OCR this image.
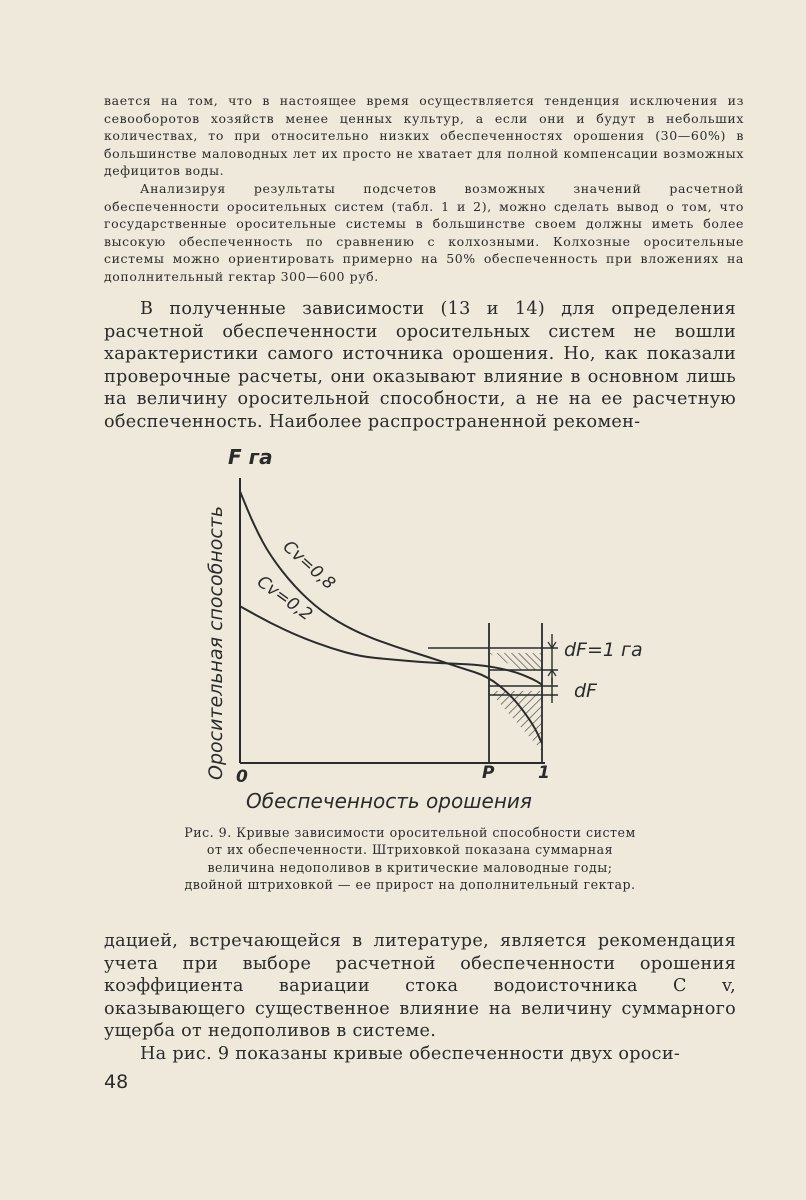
вается на том, что в настоящее время осуществляется тенденция исключения из севооборотов хозяйств менее ценных культур, а если они и будут в небольших количествах, то при относительно низких обеспеченностях орошения (30—60%) в большинстве маловодных лет их просто не хватает для полной компенсации возможных дефицитов воды.

Анализируя результаты подсчетов возможных значений расчетной обеспеченности оросительных систем (табл. 1 и 2), можно сделать вывод о том, что государственные оросительные системы в большинстве своем должны иметь более высокую обеспеченность по сравнению с колхозными. Колхозные оросительные системы можно ориентировать примерно на 50% обеспеченность при вложениях на дополнительный гектар 300—600 руб.

В полученные зависимости (13 и 14) для определения расчетной обеспеченности оросительных систем не вошли характеристики самого источника орошения. Но, как показали проверочные расчеты, они оказывают влияние в основном лишь на величину оросительной способности, а не на ее расчетную обеспеченность. Наиболее распространенной рекомен-

F га
Оросительная способность	Cv=0,8
Cv=0,2
dF=1 га
dF
0	P	1
Обеспеченность орошения
Рис. 9. Кривые зависимости оросительной способности систем от их обеспеченности. Штриховкой показана суммарная величина недополивов в критические маловодные годы; двойной штриховкой — ее прирост на дополнительный гектар.

дацией, встречающейся в литературе, является рекомендация учета при выборе расчетной обеспеченности орошения коэффициента вариации стока водоисточника C v, оказывающего существенное влияние на величину суммарного ущерба от недополивов в системе.

На рис. 9 показаны кривые обеспеченности двух ороси-

48
